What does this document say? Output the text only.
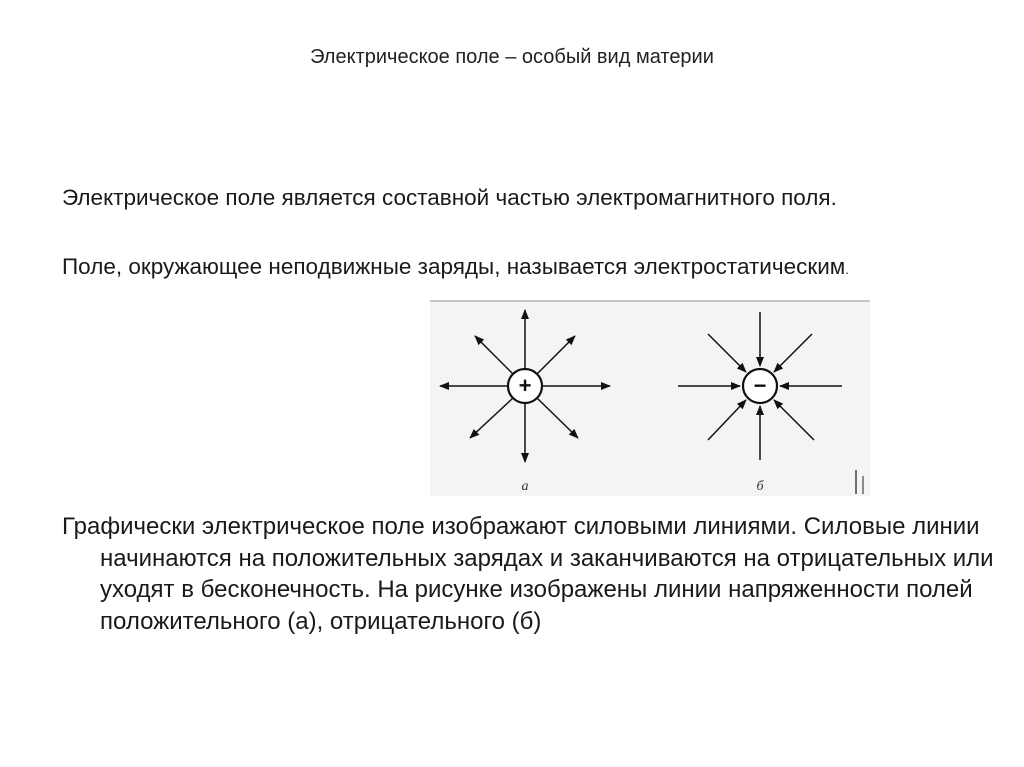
Электрическое поле – особый вид материи

Электрическое поле является составной частью электромагнитного поля.

Поле, окружающее неподвижные заряды, называется электростатическим.

+
а
−
б

Графически электрическое поле изображают силовыми линиями. Силовые линии начинаются на положительных зарядах и заканчиваются на отрицательных или уходят в бесконечность. На рисунке изображены линии напряженности полей положительного (а), отрицательного (б)
